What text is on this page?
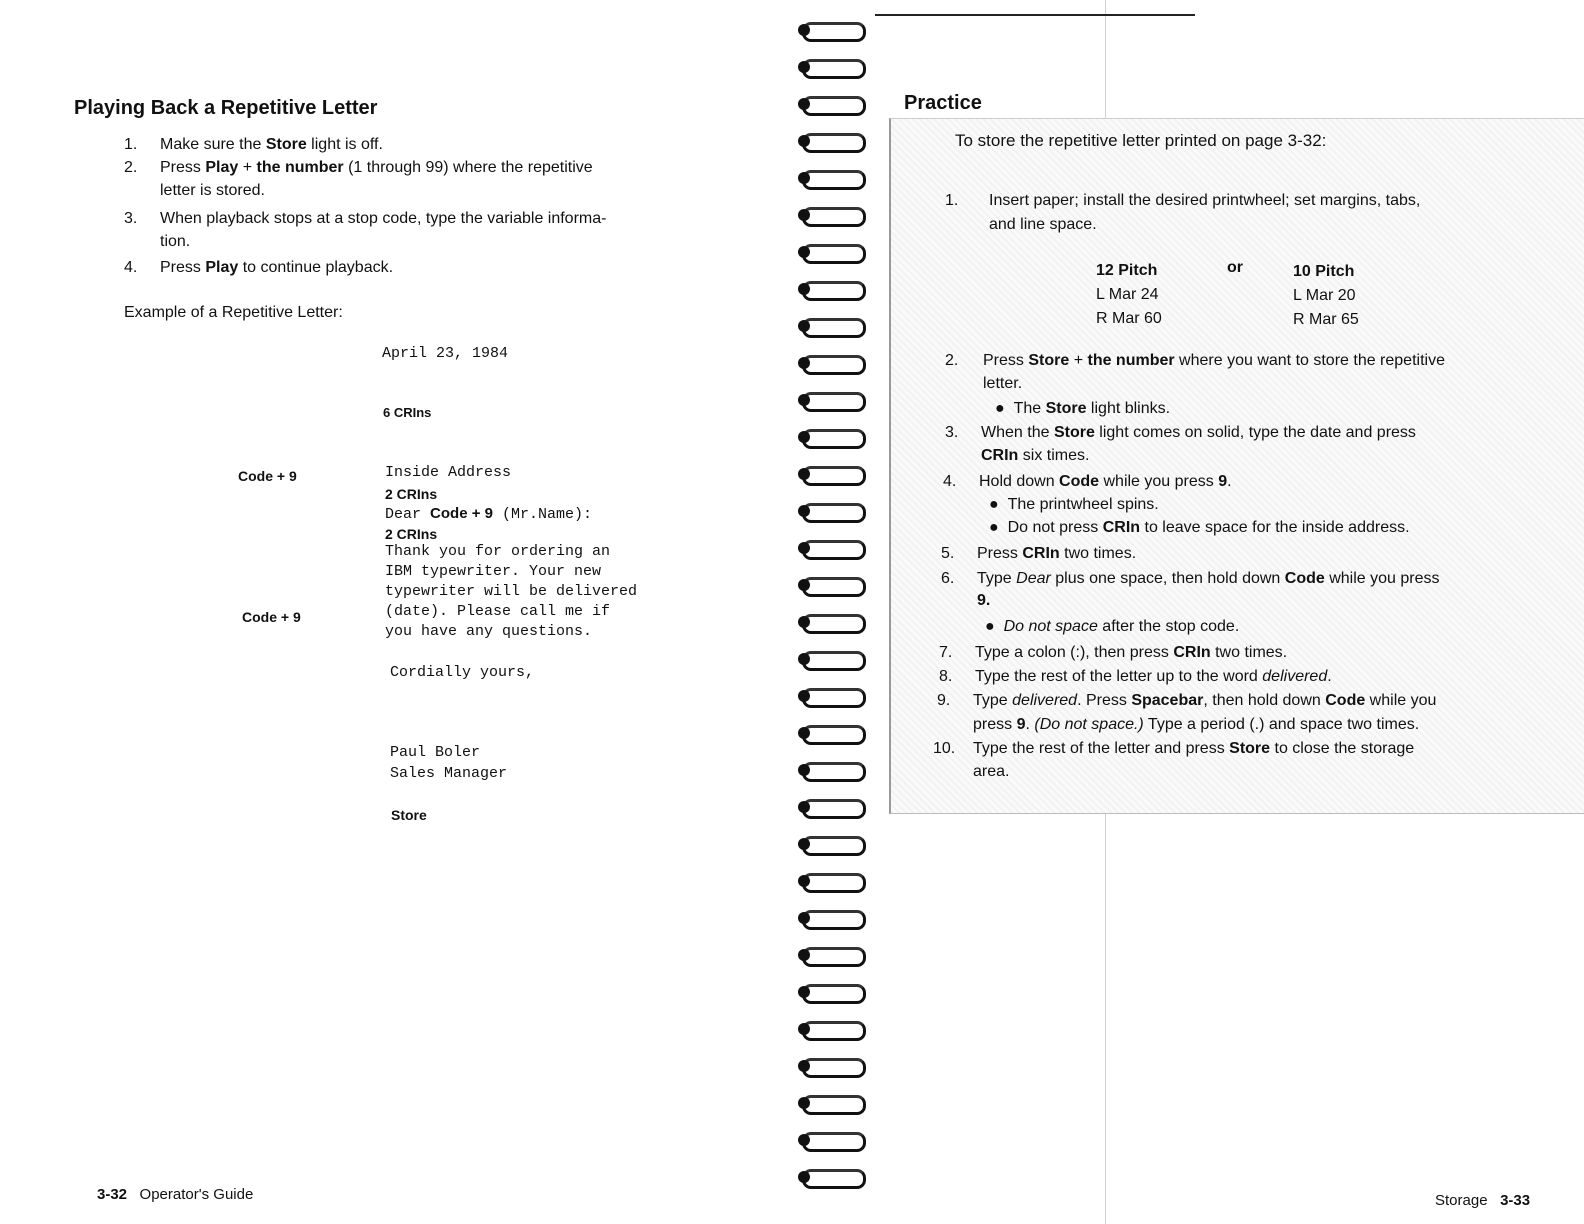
Playing Back a Repetitive Letter
1. Make sure the Store light is off.
2. Press Play + the number (1 through 99) where the repetitive
letter is stored.
3. When playback stops at a stop code, type the variable informa-
tion.
4. Press Play to continue playback.
Example of a Repetitive Letter:
April 23, 1984
6 CRIns
Code + 9	Inside Address
2 CRIns
Dear Code + 9 (Mr.Name):
2 CRIns
Thank you for ordering an
IBM typewriter. Your new
typewriter will be delivered
(date). Please call me if
you have any questions.
Code + 9
Cordially yours,
Paul Boler
Sales Manager
Store
3-32 Operator's Guide
Practice
To store the repetitive letter printed on page 3-32:
1. Insert paper; install the desired printwheel; set margins, tabs,
and line space.
12 Pitch
L Mar 24
R Mar 60
or	10 Pitch
L Mar 20
R Mar 65
2. Press Store + the number where you want to store the repetitive
letter.
●  The Store light blinks.
3. When the Store light comes on solid, type the date and press
CRIn six times.
4. Hold down Code while you press 9.
●  The printwheel spins.
●  Do not press CRIn to leave space for the inside address.
5. Press CRIn two times.
6. Type Dear plus one space, then hold down Code while you press
9.
●  Do not space after the stop code.
7. Type a colon (:), then press CRIn two times.
8. Type the rest of the letter up to the word delivered.
9. Type delivered. Press Spacebar, then hold down Code while you
press 9. (Do not space.) Type a period (.) and space two times.
10. Type the rest of the letter and press Store to close the storage
area.
Storage 3-33
